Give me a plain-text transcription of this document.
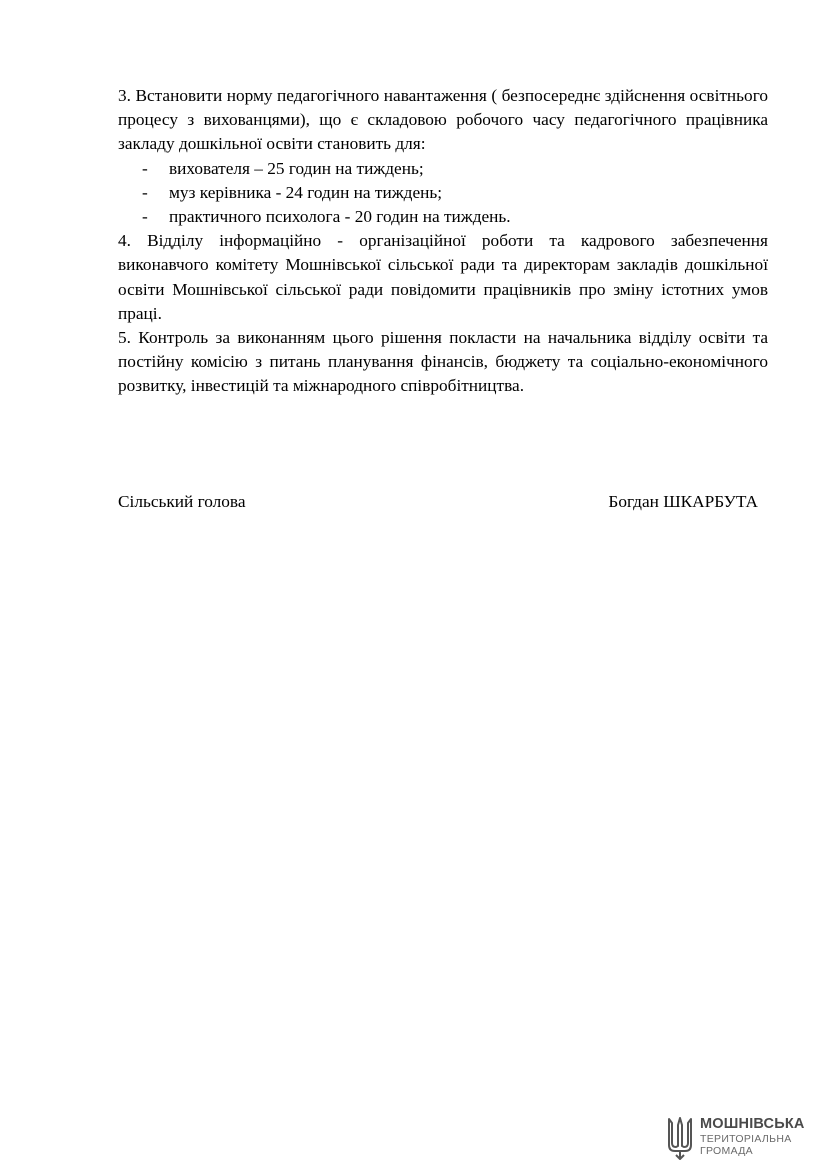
3. Встановити норму педагогічного навантаження ( безпосереднє здійснення освітнього процесу з вихованцями), що є складовою робочого часу педагогічного працівника закладу дошкільної освіти становить для:

- вихователя – 25 годин на тиждень;
- муз керівника - 24 годин на тиждень;
- практичного психолога - 20 годин на тиждень.

4. Відділу інформаційно - організаційної роботи та кадрового забезпечення виконавчого комітету Мошнівської сільської ради та директорам закладів дошкільної освіти Мошнівської сільської ради повідомити працівників про зміну істотних умов праці.

5. Контроль за виконанням цього рішення покласти на начальника відділу освіти та постійну комісію з питань планування фінансів, бюджету та соціально-економічного розвитку, інвестицій та міжнародного співробітництва.

Сільський голова	Богдан ШКАРБУТА
МОШНІВСЬКА
ТЕРИТОРІАЛЬНА
ГРОМАДА
